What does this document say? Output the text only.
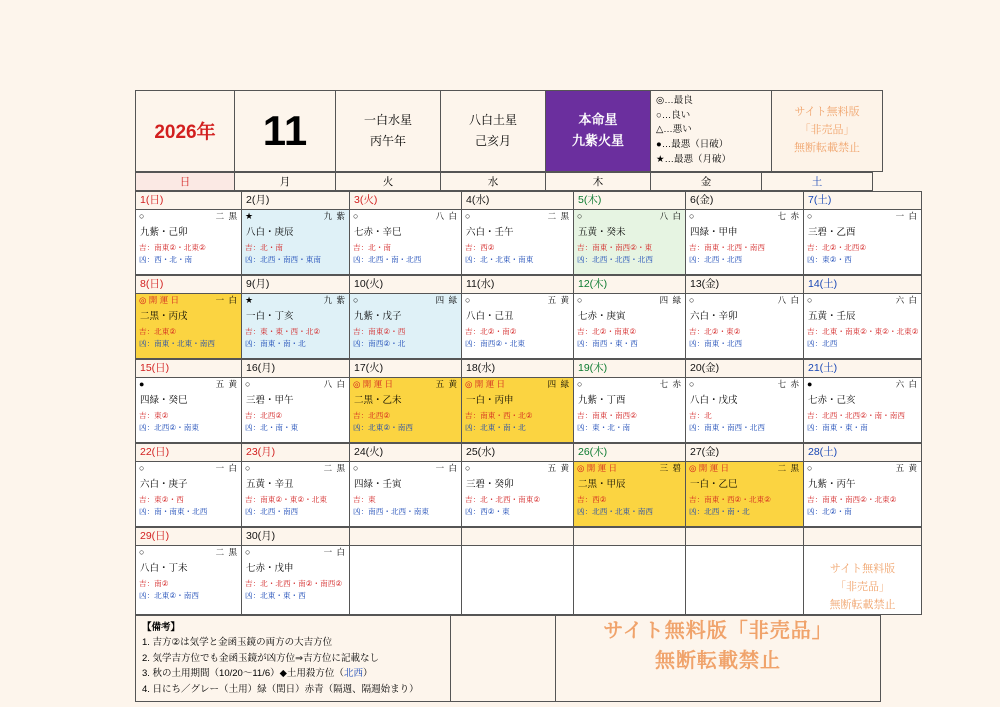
2026年	11	一白水星
丙午年

八白土星
己亥月

本命星
九紫火星

◎…最良
○…良い
△…悪い
●…最悪（日破）
★…最悪（月破）

サイト無料版
「非売品」
無断転載禁止
日	月	火	水	木	金	土
1(日)	2(月)	3(火)	4(水)	5(木)	6(金)	7(土)

○	二 黒
九紫・己卯
吉：南東②・北東②
凶：西・北・南

★	九 紫
八白・庚辰
吉：北・南
凶：北西・南西・東南

○	八 白
七赤・辛巳
吉：北・南
凶：北西・南・北西

○	二 黒
六白・壬午
吉：西②
凶：北・北東・南東

○	八 白
五黄・癸未
吉：南東・南西②・東
凶：北西・北西・北西

○	七 赤
四緑・甲申
吉：南東・北西・南西
凶：北西・北西

○	一 白
三碧・乙酉
吉：北②・北西②
凶：東②・西
8(日)	9(月)	10(火)	11(水)	12(木)	13(金)	14(土)

◎ 開 運 日	一 白
二黒・丙戌
吉：北東②
凶：南東・北東・南西

★	九 紫
一白・丁亥
吉：東・東・西・北②
凶：南東・南・北

○	四 緑
九紫・戊子
吉：南東②・西
凶：南西②・北

○	五 黄
八白・己丑
吉：北②・南②
凶：南西②・北東

○	四 緑
七赤・庚寅
吉：北②・南東②
凶：南西・東・西

○	八 白
六白・辛卯
吉：北②・東②
凶：南東・北西

○	六 白
五黄・壬辰
吉：北東・南東②・東②・北東②
凶：北西
15(日)	16(月)	17(火)	18(水)	19(木)	20(金)	21(土)

●	五 黄
四緑・癸巳
吉：東②
凶：北西②・南東

○	八 白
三碧・甲午
吉：北西②
凶：北・南・東

◎ 開 運 日	五 黄
二黒・乙未
吉：北西②
凶：北東②・南西

◎ 開 運 日	四 緑
一白・丙申
吉：南東・西・北②
凶：北東・南・北

○	七 赤
九紫・丁酉
吉：南東・南西②
凶：東・北・南

○	七 赤
八白・戊戌
吉：北
凶：南東・南西・北西

●	六 白
七赤・己亥
吉：北西・北西②・南・南西
凶：南東・東・南
22(日)	23(月)	24(火)	25(水)	26(木)	27(金)	28(土)

○	一 白
六白・庚子
吉：東②・西
凶：南・南東・北西

○	二 黒
五黄・辛丑
吉：南東②・東②・北東
凶：北西・南西

○	一 白
四緑・壬寅
吉：東
凶：南西・北西・南東

○	五 黄
三碧・癸卯
吉：北・北西・南東②
凶：西②・東

◎ 開 運 日	三 碧
二黒・甲辰
吉：西②
凶：北西・北東・南西

◎ 開 運 日	二 黒
一白・乙巳
吉：南東・西②・北東②
凶：北西・南・北

○	五 黄
九紫・丙午
吉：南東・南西②・北東②
凶：北②・南
29(日)	30(月)					

○	二 黒
八白・丁未
吉：南②
凶：北東②・南西

○	一 白
七赤・戊申
吉：北・北西・南②・南西②
凶：北東・東・西

サイト無料版
「非売品」
無断転載禁止
【備考】
1. 吉方②は気学と金函玉鏡の両方の大吉方位
2. 気学吉方位でも金函玉鏡が凶方位⇒吉方位に記載なし
3. 秋の土用期間（10/20〜11/6）◆土用殺方位（北西）
4. 日にち／グレー（土用）緑（閏日）赤青（隔週、隔週始まり）

サイト無料版「非売品」
無断転載禁止
